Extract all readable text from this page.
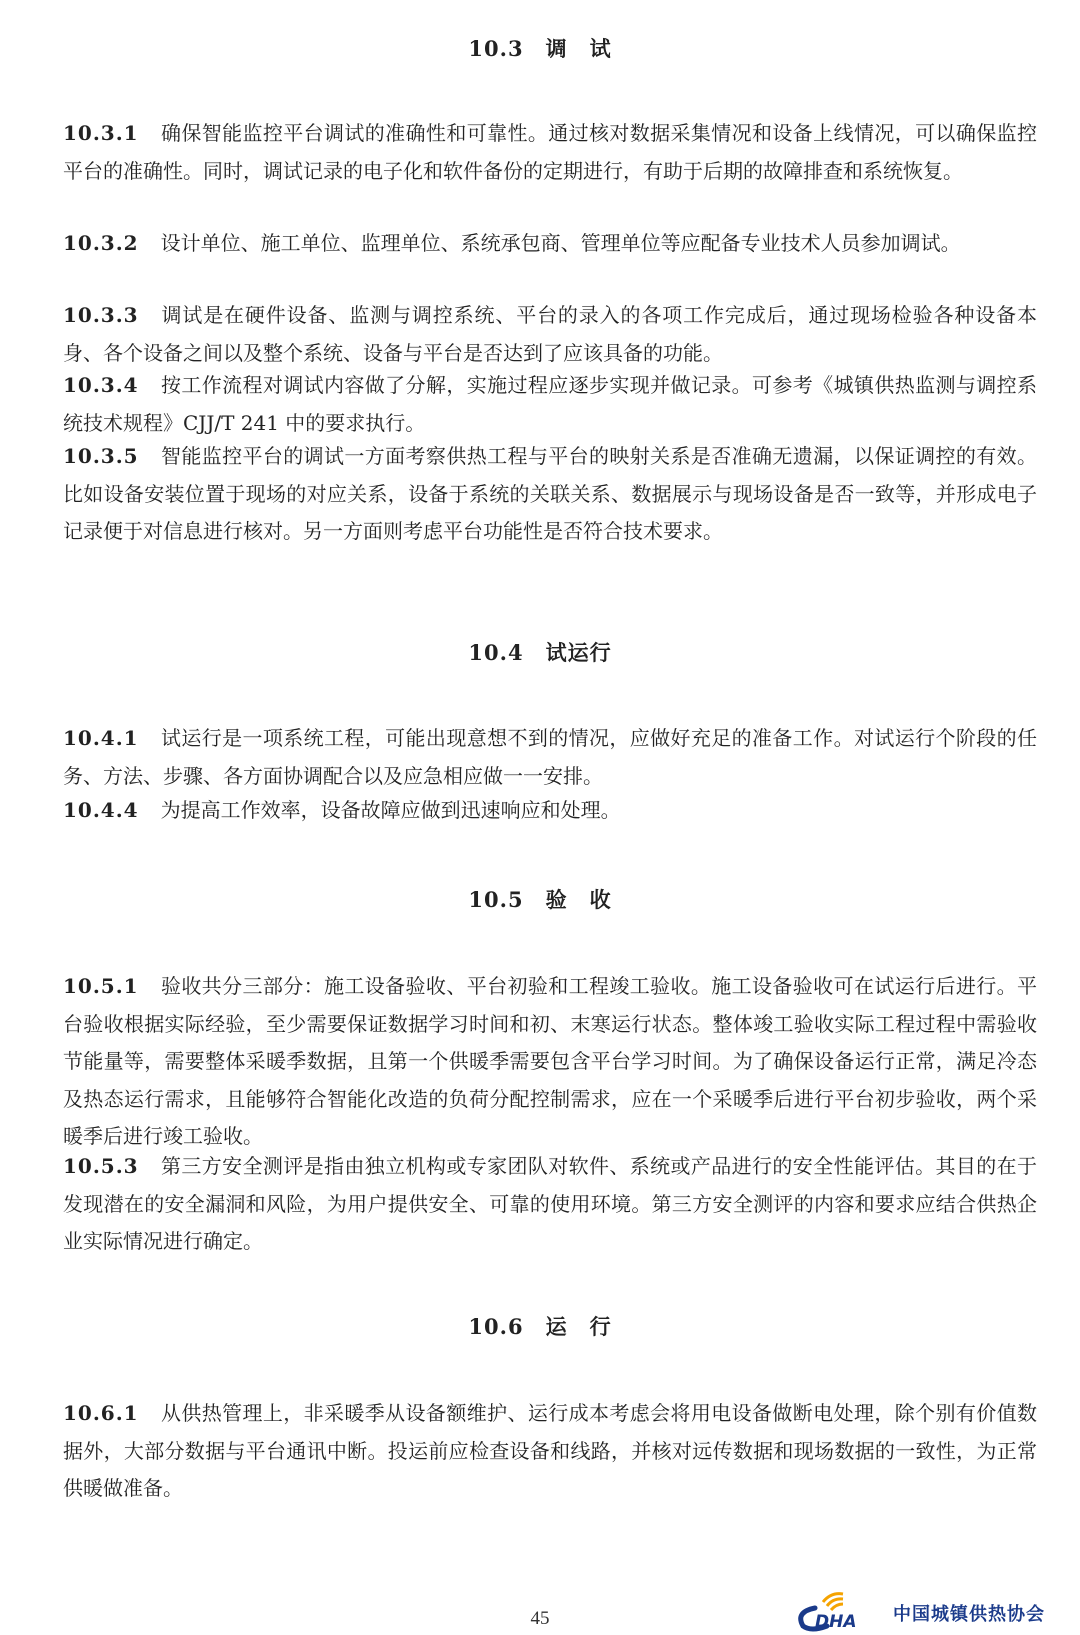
10.3　调　试
10.3.1 确保智能监控平台调试的准确性和可靠性。通过核对数据采集情况和设备上线情况，可以确保监控平台的准确性。同时，调试记录的电子化和软件备份的定期进行，有助于后期的故障排查和系统恢复。
10.3.2 设计单位、施工单位、监理单位、系统承包商、管理单位等应配备专业技术人员参加调试。
10.3.3 调试是在硬件设备、监测与调控系统、平台的录入的各项工作完成后，通过现场检验各种设备本身、各个设备之间以及整个系统、设备与平台是否达到了应该具备的功能。
10.3.4 按工作流程对调试内容做了分解，实施过程应逐步实现并做记录。可参考《城镇供热监测与调控系统技术规程》CJJ/T 241 中的要求执行。
10.3.5 智能监控平台的调试一方面考察供热工程与平台的映射关系是否准确无遗漏，以保证调控的有效。比如设备安装位置于现场的对应关系，设备于系统的关联关系、数据展示与现场设备是否一致等，并形成电子记录便于对信息进行核对。另一方面则考虑平台功能性是否符合技术要求。
10.4　试运行
10.4.1 试运行是一项系统工程，可能出现意想不到的情况，应做好充足的准备工作。对试运行个阶段的任务、方法、步骤、各方面协调配合以及应急相应做一一安排。
10.4.4 为提高工作效率，设备故障应做到迅速响应和处理。
10.5　验　收
10.5.1 验收共分三部分：施工设备验收、平台初验和工程竣工验收。施工设备验收可在试运行后进行。平台验收根据实际经验，至少需要保证数据学习时间和初、末寒运行状态。整体竣工验收实际工程过程中需验收节能量等，需要整体采暖季数据，且第一个供暖季需要包含平台学习时间。为了确保设备运行正常，满足冷态及热态运行需求，且能够符合智能化改造的负荷分配控制需求，应在一个采暖季后进行平台初步验收，两个采暖季后进行竣工验收。
10.5.3 第三方安全测评是指由独立机构或专家团队对软件、系统或产品进行的安全性能评估。其目的在于发现潜在的安全漏洞和风险，为用户提供安全、可靠的使用环境。第三方安全测评的内容和要求应结合供热企业实际情况进行确定。
10.6　运　行
10.6.1 从供热管理上，非采暖季从设备额维护、运行成本考虑会将用电设备做断电处理，除个别有价值数据外，大部分数据与平台通讯中断。投运前应检查设备和线路，并核对远传数据和现场数据的一致性，为正常供暖做准备。
45	DHA 中国城镇供热协会
